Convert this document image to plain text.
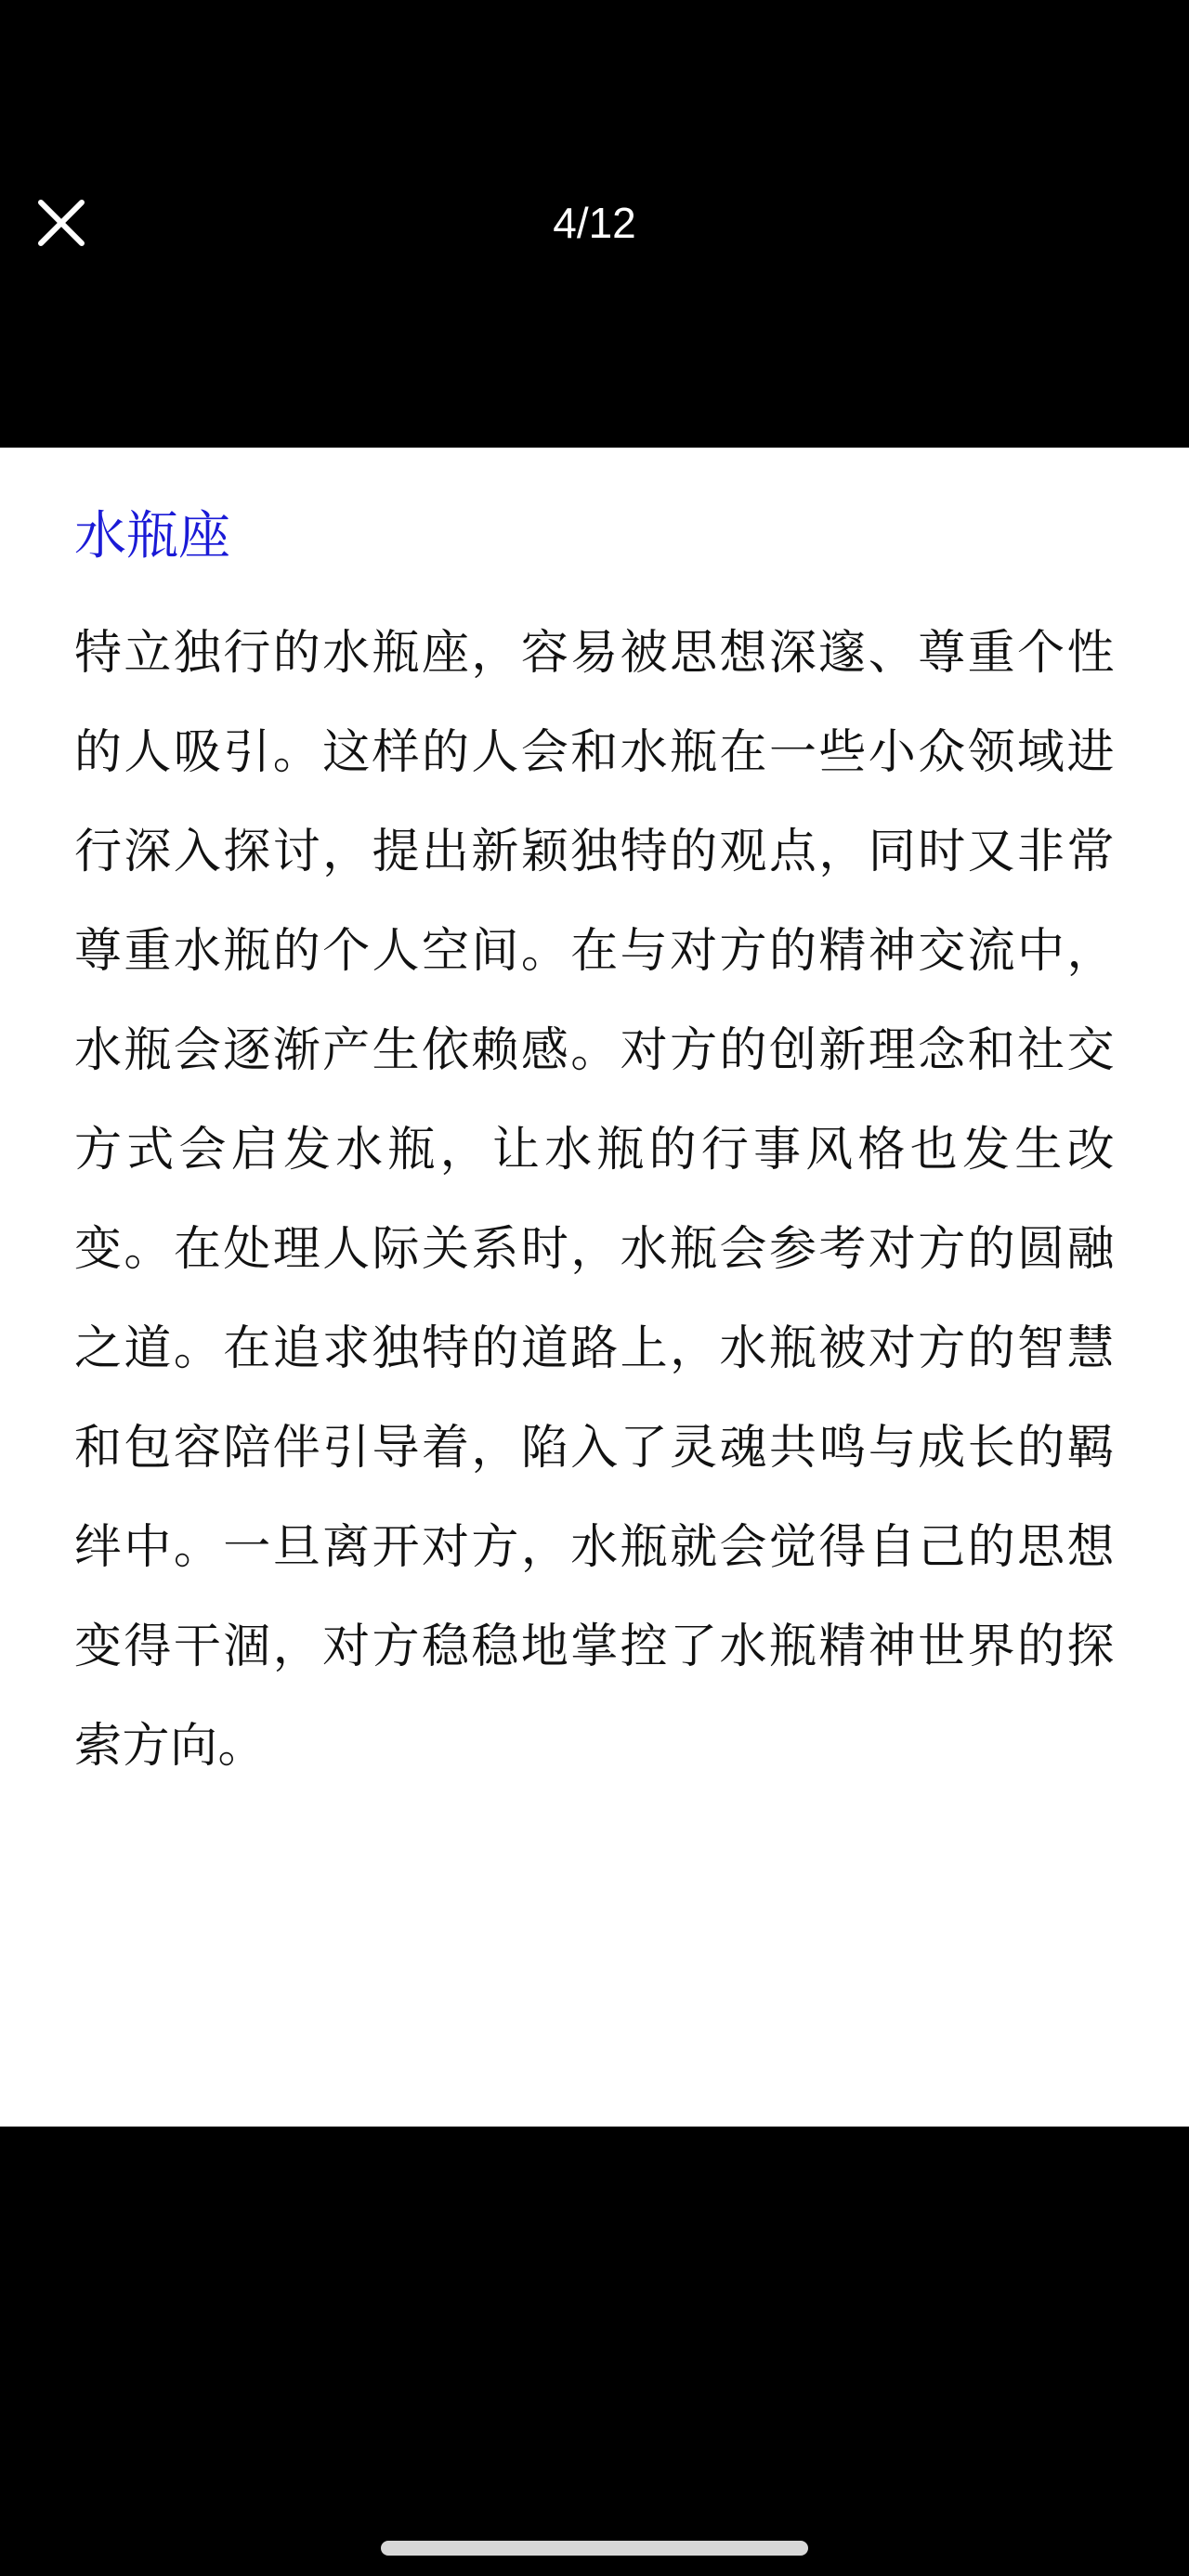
4/12
水瓶座

特立独行的水瓶座，容易被思想深邃、尊重个性的人吸引。这样的人会和水瓶在一些小众领域进行深入探讨，提出新颖独特的观点，同时又非常尊重水瓶的个人空间。在与对方的精神交流中，水瓶会逐渐产生依赖感。对方的创新理念和社交方式会启发水瓶，让水瓶的行事风格也发生改变。在处理人际关系时，水瓶会参考对方的圆融之道。在追求独特的道路上，水瓶被对方的智慧和包容陪伴引导着，陷入了灵魂共鸣与成长的羁绊中。一旦离开对方，水瓶就会觉得自己的思想变得干涸，对方稳稳地掌控了水瓶精神世界的探索方向。
